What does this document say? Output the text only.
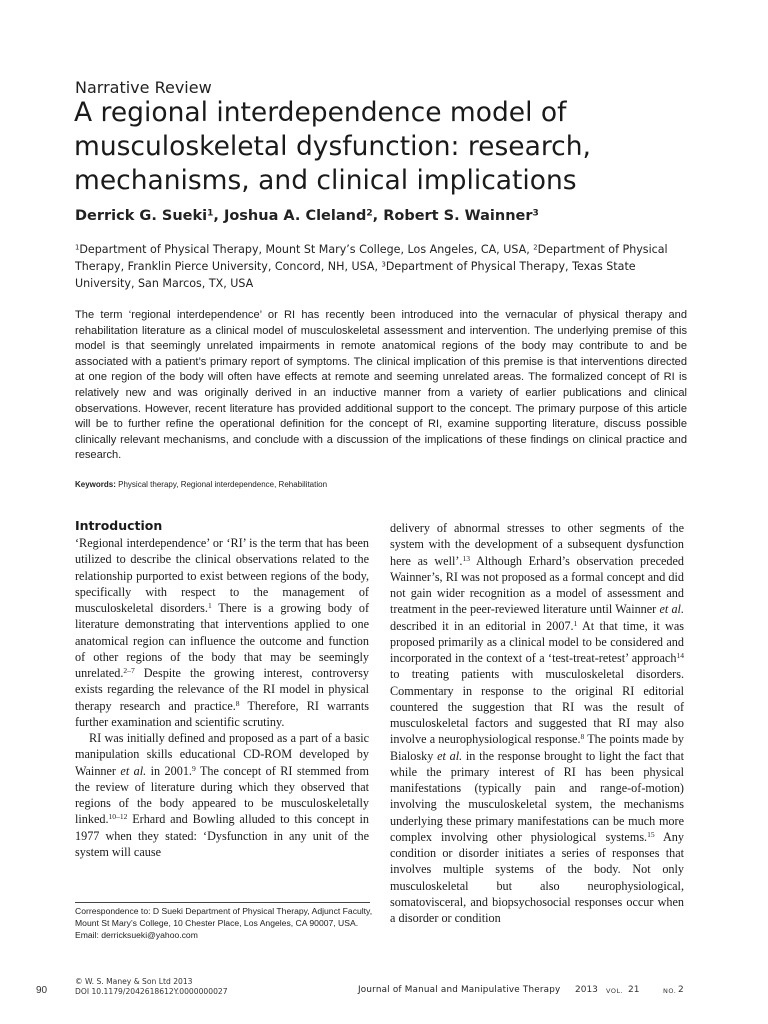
Narrative Review
A regional interdependence model of musculoskeletal dysfunction: research, mechanisms, and clinical implications
Derrick G. Sueki$^1$, Joshua A. Cleland$^2$, Robert S. Wainner$^3$
$^1$Department of Physical Therapy, Mount St Mary’s College, Los Angeles, CA, USA, $^2$Department of Physical Therapy, Franklin Pierce University, Concord, NH, USA, $^3$Department of Physical Therapy, Texas State University, San Marcos, TX, USA

The term ‘regional interdependence’ or RI has recently been introduced into the vernacular of physical therapy and rehabilitation literature as a clinical model of musculoskeletal assessment and intervention. The underlying premise of this model is that seemingly unrelated impairments in remote anatomical regions of the body may contribute to and be associated with a patient’s primary report of symptoms. The clinical implication of this premise is that interventions directed at one region of the body will often have effects at remote and seeming unrelated areas. The formalized concept of RI is relatively new and was originally derived in an inductive manner from a variety of earlier publications and clinical observations. However, recent literature has provided additional support to the concept. The primary purpose of this article will be to further refine the operational definition for the concept of RI, examine supporting literature, discuss possible clinically relevant mechanisms, and conclude with a discussion of the implications of these findings on clinical practice and research.

Keywords: Physical therapy, Regional interdependence, Rehabilitation
Introduction

‘Regional interdependence’ or ‘RI’ is the term that has been utilized to describe the clinical observations related to the relationship purported to exist between regions of the body, specifically with respect to the management of musculoskeletal disorders.$^1$ There is a growing body of literature demonstrating that interventions applied to one anatomical region can influence the outcome and function of other regions of the body that may be seemingly unrelated.$^{2-7}$ Despite the growing interest, controversy exists regarding the relevance of the RI model in physical therapy research and practice.$^8$ Therefore, RI warrants further examination and scientific scrutiny.

RI was initially defined and proposed as a part of a basic manipulation skills educational CD-ROM developed by Wainner et al. in 2001.$^9$ The concept of RI stemmed from the review of literature during which they observed that regions of the body appeared to be musculoskeletally linked.$^{10-12}$ Erhard and Bowling alluded to this concept in 1977 when they stated: ‘Dysfunction in any unit of the system will cause

delivery of abnormal stresses to other segments of the system with the development of a subsequent dysfunction here as well’.$^{13}$ Although Erhard’s observation preceded Wainner’s, RI was not proposed as a formal concept and did not gain wider recognition as a model of assessment and treatment in the peer-reviewed literature until Wainner et al. described it in an editorial in 2007.$^1$ At that time, it was proposed primarily as a clinical model to be considered and incorporated in the context of a ‘test-treat-retest’ approach$^{14}$ to treating patients with musculoskeletal disorders. Commentary in response to the original RI editorial countered the suggestion that RI was the result of musculoskeletal factors and suggested that RI may also involve a neurophysiological response.$^8$ The points made by Bialosky et al. in the response brought to light the fact that while the primary interest of RI has been physical manifestations (typically pain and range-of-motion) involving the musculoskeletal system, the mechanisms underlying these primary manifestations can be much more complex involving other physiological systems.$^{15}$ Any condition or disorder initiates a series of responses that involves multiple systems of the body. Not only musculoskeletal but also neurophysiological, somatovisceral, and biopsychosocial responses occur when a disorder or condition

Correspondence to: D Sueki Department of Physical Therapy, Adjunct Faculty, Mount St Mary’s College, 10 Chester Place, Los Angeles, CA 90007, USA. Email: derricksueki@yahoo.com
90
© W. S. Maney & Son Ltd 2013
DOI 10.1179/2042618612Y.0000000027	Journal of Manual and Manipulative Therapy 2013 VOL. 21	NO. 2
